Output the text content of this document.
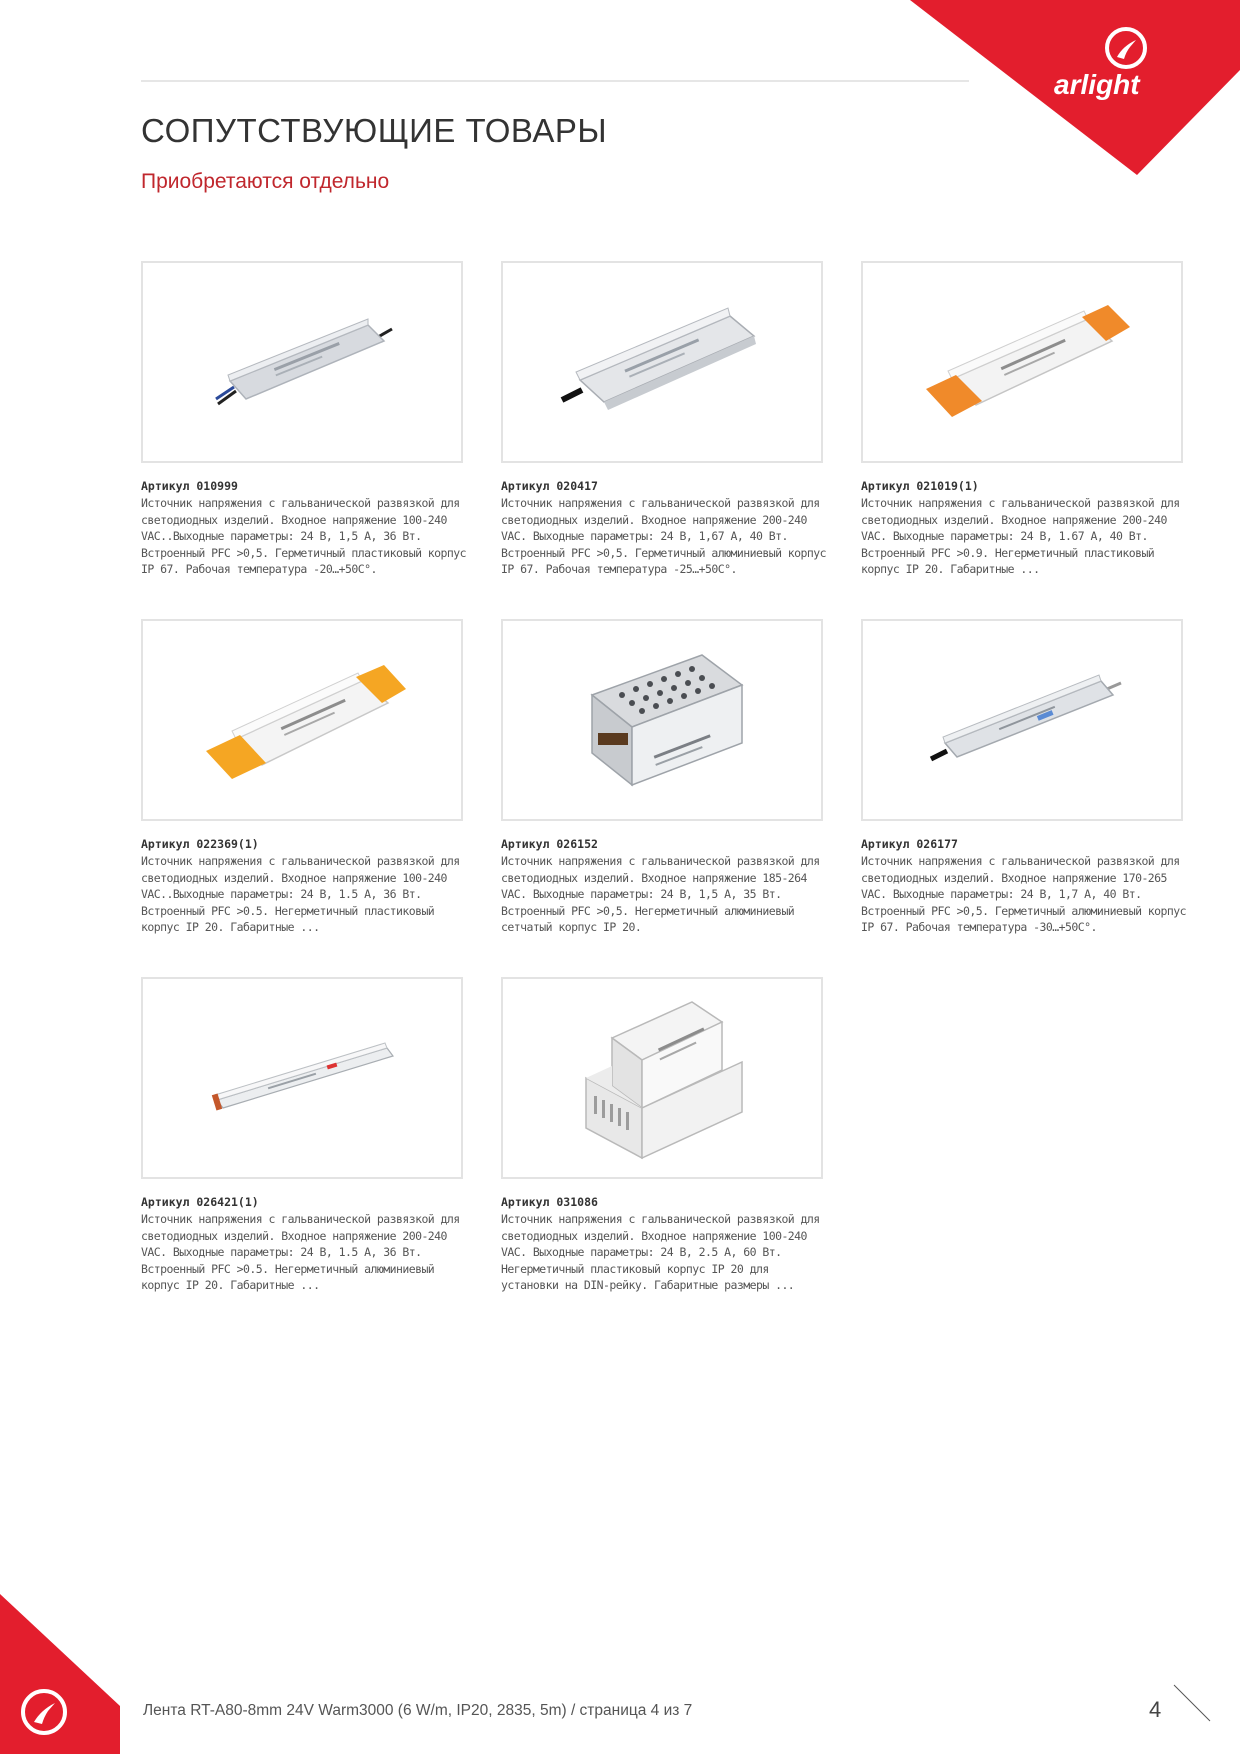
arlight
СОПУТСТВУЮЩИЕ ТОВАРЫ
Приобретаются отдельно
Артикул 010999
Источник напряжения с гальванической развязкой для светодиодных изделий. Входное напряжение 100-240 VAC..Выходные параметры: 24 В, 1,5 А, 36 Вт. Встроенный PFC >0,5. Герметичный пластиковый корпус IP 67. Рабочая температура -20…+50C°.
Артикул 020417
Источник напряжения с гальванической развязкой для светодиодных изделий. Входное напряжение 200-240 VAC. Выходные параметры: 24 В, 1,67 А, 40 Вт. Встроенный PFC >0,5. Герметичный алюминиевый корпус IP 67. Рабочая температура -25…+50C°.
Артикул 021019(1)
Источник напряжения с гальванической развязкой для светодиодных изделий. Входное напряжение 200-240 VAC. Выходные параметры: 24 В, 1.67 А, 40 Вт. Встроенный PFC >0.9. Негерметичный пластиковый корпус IP 20. Габаритные ...
Артикул 022369(1)
Источник напряжения с гальванической развязкой для светодиодных изделий. Входное напряжение 100-240 VAC..Выходные параметры: 24 В, 1.5 А, 36 Вт. Встроенный PFC >0.5. Негерметичный пластиковый корпус IP 20. Габаритные ...
Артикул 026152
Источник напряжения с гальванической развязкой для светодиодных изделий. Входное напряжение 185-264 VAC. Выходные параметры: 24 В, 1,5 А, 35 Вт. Встроенный PFC >0,5. Негерметичный алюминиевый сетчатый корпус IP 20.
Артикул 026177
Источник напряжения с гальванической развязкой для светодиодных изделий. Входное напряжение 170-265 VAC. Выходные параметры: 24 В, 1,7 А, 40 Вт. Встроенный PFC >0,5. Герметичный алюминиевый корпус IP 67. Рабочая температура -30…+50C°.
Артикул 026421(1)
Источник напряжения с гальванической развязкой для светодиодных изделий. Входное напряжение 200-240 VAC. Выходные параметры: 24 В, 1.5 А, 36 Вт. Встроенный PFC >0.5. Негерметичный алюминиевый корпус IP 20. Габаритные ...
Артикул 031086
Источник напряжения с гальванической развязкой для светодиодных изделий. Входное напряжение 100-240 VAC. Выходные параметры: 24 В, 2.5 А, 60 Вт. Негерметичный пластиковый корпус IP 20 для установки на DIN-рейку. Габаритные размеры ...
Лента RT-A80-8mm 24V Warm3000 (6 W/m, IP20, 2835, 5m) / страница 4 из 7	4
